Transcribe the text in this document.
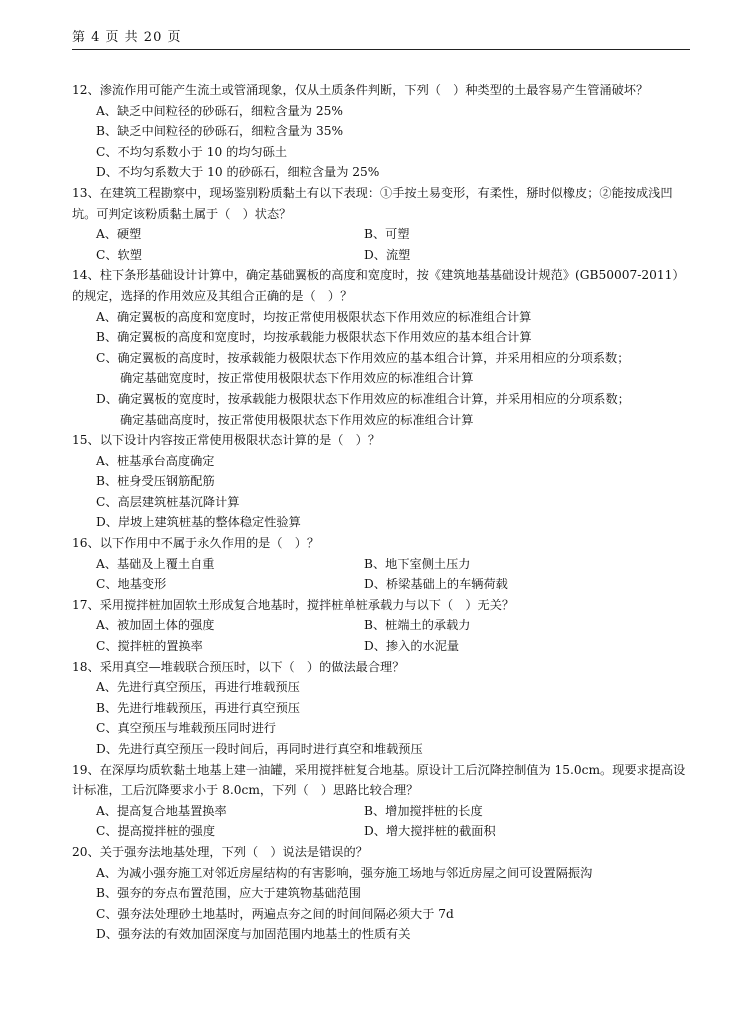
第 4 页 共 20 页
12、渗流作用可能产生流土或管涌现象，仅从土质条件判断，下列（　）种类型的土最容易产生管涌破坏？
A、缺乏中间粒径的砂砾石，细粒含量为 25%
B、缺乏中间粒径的砂砾石，细粒含量为 35%
C、不均匀系数小于 10 的均匀砾土
D、不均匀系数大于 10 的砂砾石，细粒含量为 25%
13、在建筑工程勘察中，现场鉴别粉质黏土有以下表现：①手按土易变形，有柔性，掰时似橡皮；②能按成浅凹坑。可判定该粉质黏土属于（　）状态？
A、硬塑	B、可塑
C、软塑	D、流塑
14、柱下条形基础设计计算中，确定基础翼板的高度和宽度时，按《建筑地基基础设计规范》(GB50007-2011）的规定，选择的作用效应及其组合正确的是（　）？
A、确定翼板的高度和宽度时，均按正常使用极限状态下作用效应的标准组合计算
B、确定翼板的高度和宽度时，均按承载能力极限状态下作用效应的基本组合计算
C、确定翼板的高度时，按承载能力极限状态下作用效应的基本组合计算，并采用相应的分项系数；
确定基础宽度时，按正常使用极限状态下作用效应的标准组合计算
D、确定翼板的宽度时，按承载能力极限状态下作用效应的标准组合计算，并采用相应的分项系数；
确定基础高度时，按正常使用极限状态下作用效应的标准组合计算
15、以下设计内容按正常使用极限状态计算的是（　）？
A、桩基承台高度确定
B、桩身受压钢筋配筋
C、高层建筑桩基沉降计算
D、岸坡上建筑桩基的整体稳定性验算
16、以下作用中不属于永久作用的是（　）？
A、基础及上覆土自重	B、地下室侧土压力
C、地基变形	D、桥梁基础上的车辆荷载
17、采用搅拌桩加固软土形成复合地基时，搅拌桩单桩承载力与以下（　）无关？
A、被加固土体的强度	B、桩端土的承载力
C、搅拌桩的置换率	D、掺入的水泥量
18、采用真空—堆载联合预压时，以下（　）的做法最合理？
A、先进行真空预压，再进行堆载预压
B、先进行堆载预压，再进行真空预压
C、真空预压与堆载预压同时进行
D、先进行真空预压一段时间后，再同时进行真空和堆载预压
19、在深厚均质软黏土地基上建一油罐，采用搅拌桩复合地基。原设计工后沉降控制值为 15.0cm。现要求提高设计标准，工后沉降要求小于 8.0cm，下列（　）思路比较合理？
A、提高复合地基置换率	B、增加搅拌桩的长度
C、提高搅拌桩的强度	D、增大搅拌桩的截面积
20、关于强夯法地基处理，下列（　）说法是错误的？
A、为减小强夯施工对邻近房屋结构的有害影响，强夯施工场地与邻近房屋之间可设置隔振沟
B、强夯的夯点布置范围，应大于建筑物基础范围
C、强夯法处理砂土地基时，两遍点夯之间的时间间隔必须大于 7d
D、强夯法的有效加固深度与加固范围内地基土的性质有关
